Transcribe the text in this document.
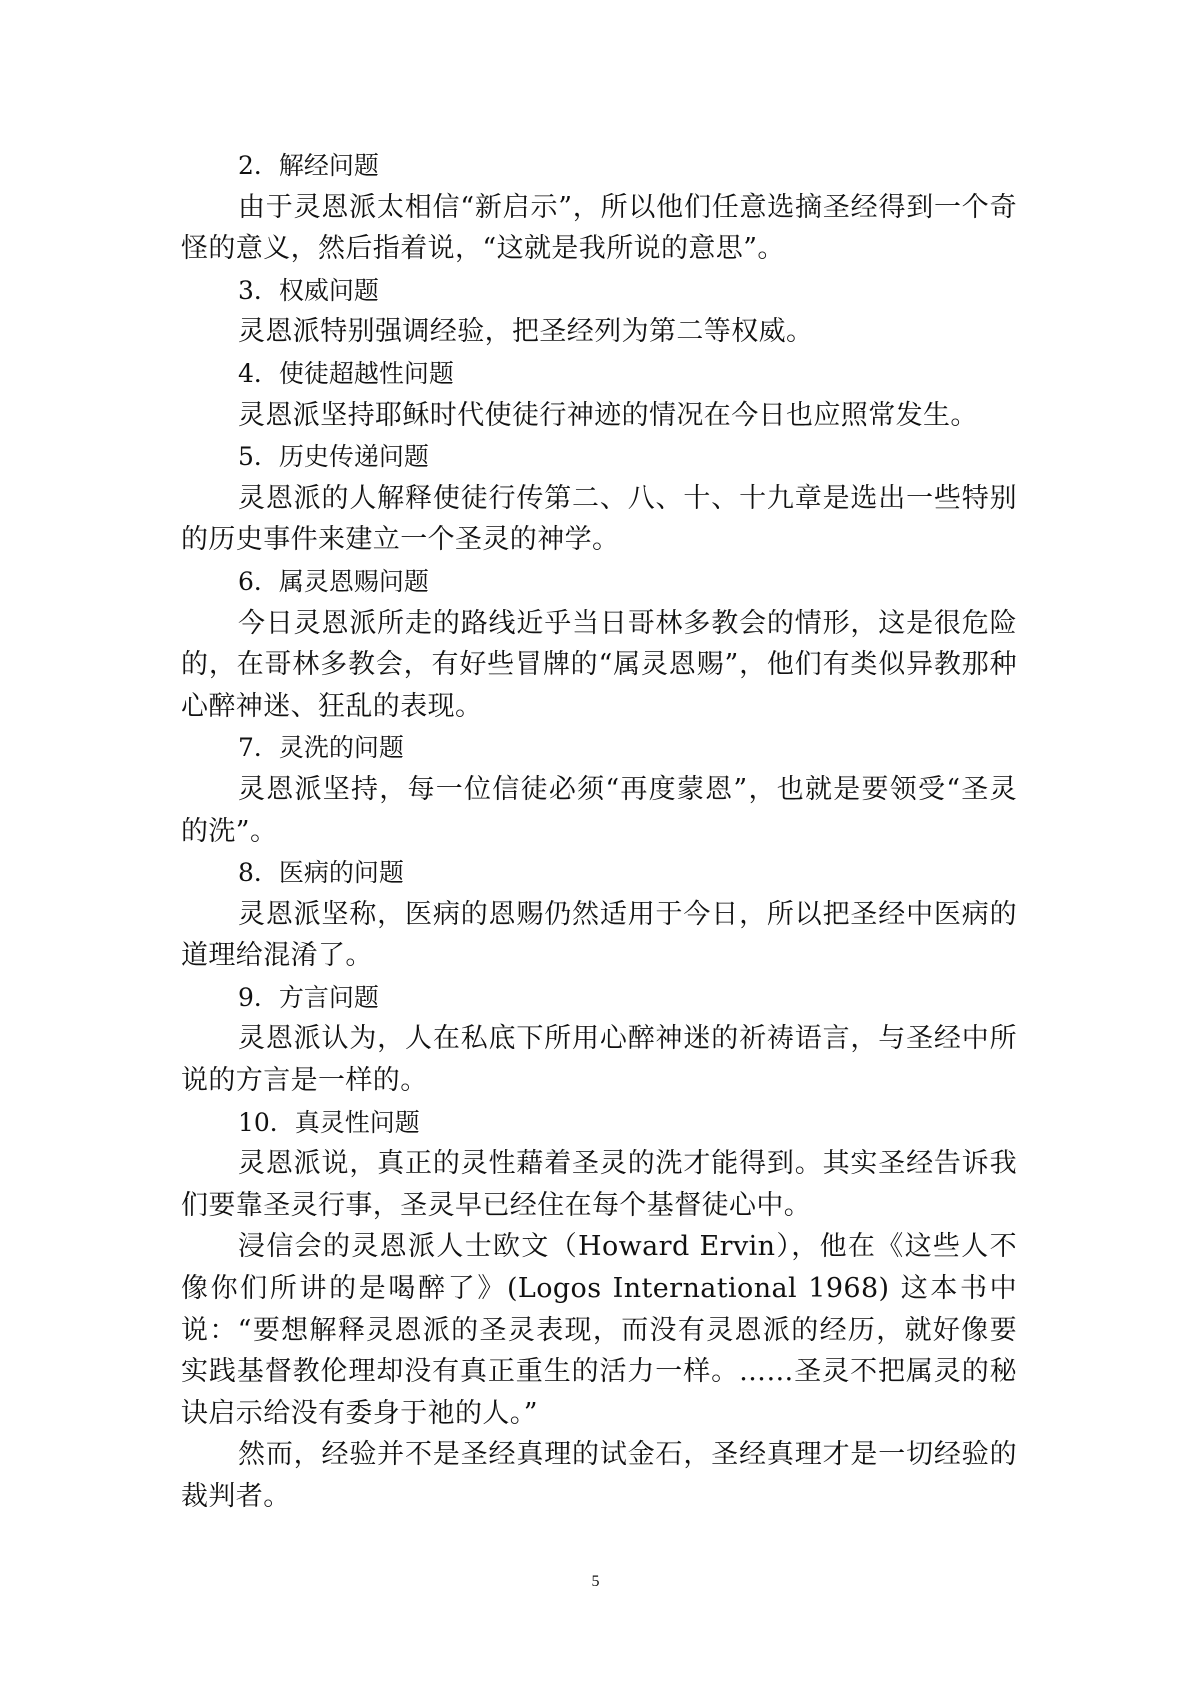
2．解经问题

由于灵恩派太相信“新启示”，所以他们任意选摘圣经得到一个奇怪的意义，然后指着说，“这就是我所说的意思”。

3．权威问题

灵恩派特别强调经验，把圣经列为第二等权威。

4．使徒超越性问题

灵恩派坚持耶稣时代使徒行神迹的情况在今日也应照常发生。

5．历史传递问题

灵恩派的人解释使徒行传第二、八、十、十九章是选出一些特别的历史事件来建立一个圣灵的神学。

6．属灵恩赐问题

今日灵恩派所走的路线近乎当日哥林多教会的情形，这是很危险的，在哥林多教会，有好些冒牌的“属灵恩赐”，他们有类似异教那种心醉神迷、狂乱的表现。

7．灵洗的问题

灵恩派坚持，每一位信徒必须“再度蒙恩”，也就是要领受“圣灵的洗”。

8．医病的问题

灵恩派坚称，医病的恩赐仍然适用于今日，所以把圣经中医病的道理给混淆了。

9．方言问题

灵恩派认为，人在私底下所用心醉神迷的祈祷语言，与圣经中所说的方言是一样的。

10．真灵性问题

灵恩派说，真正的灵性藉着圣灵的洗才能得到。其实圣经告诉我们要靠圣灵行事，圣灵早已经住在每个基督徒心中。

浸信会的灵恩派人士欧文（Howard Ervin），他在《这些人不像你们所讲的是喝醉了》(Logos International 1968) 这本书中说：“要想解释灵恩派的圣灵表现，而没有灵恩派的经历，就好像要实践基督教伦理却没有真正重生的活力一样。……圣灵不把属灵的秘诀启示给没有委身于祂的人。”

然而，经验并不是圣经真理的试金石，圣经真理才是一切经验的裁判者。

5
